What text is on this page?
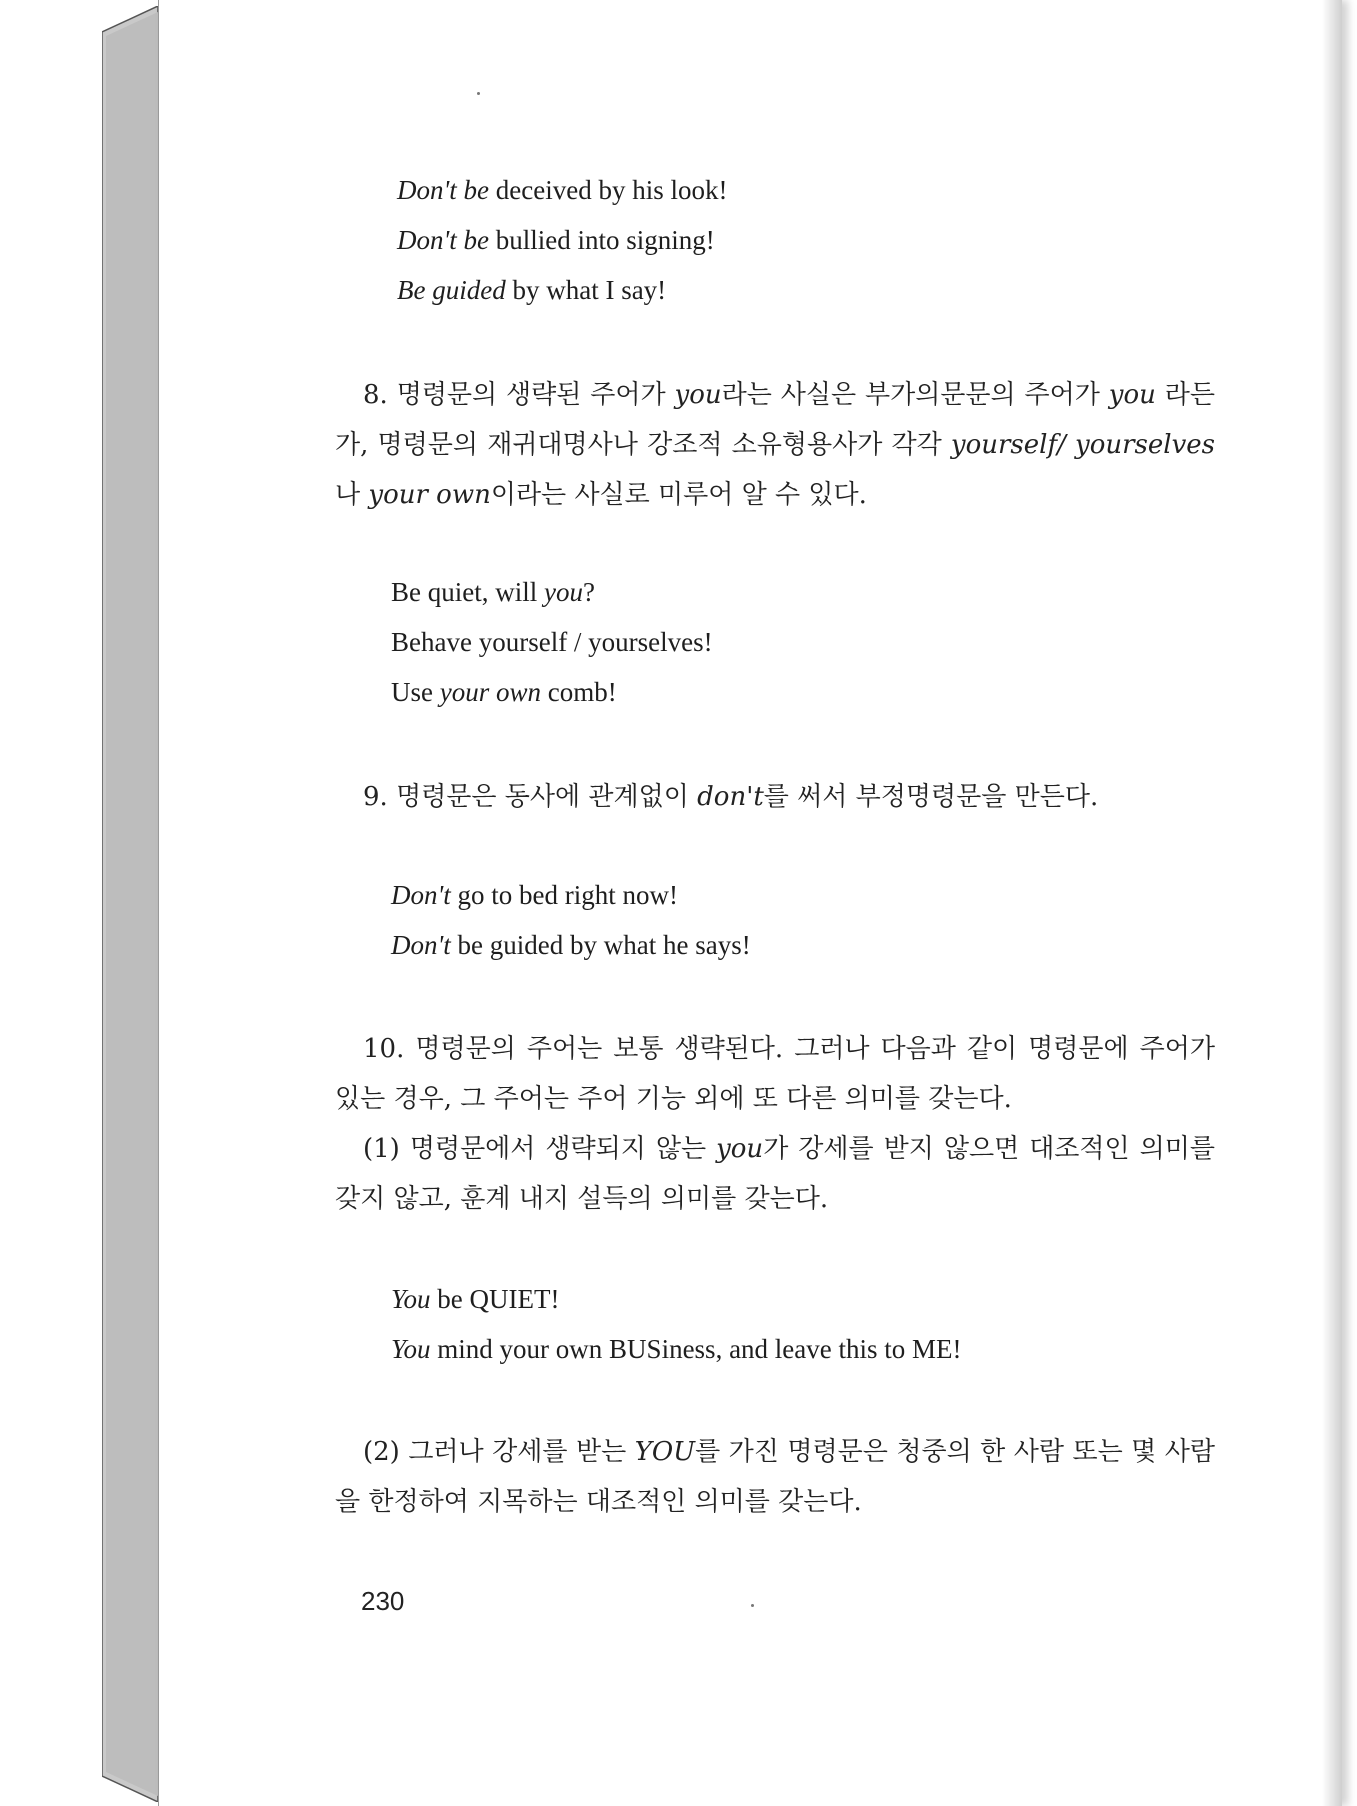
Don't be deceived by his look!
Don't be bullied into signing!
Be guided by what I say!
8. 명령문의 생략된 주어가 you라는 사실은 부가의문문의 주어가 you 라든가, 명령문의 재귀대명사나 강조적 소유형용사가 각각 yourself/ yourselves나 your own이라는 사실로 미루어 알 수 있다.
Be quiet, will you?
Behave yourself / yourselves!
Use your own comb!
9. 명령문은 동사에 관계없이 don't를 써서 부정명령문을 만든다.
Don't go to bed right now!
Don't be guided by what he says!
10. 명령문의 주어는 보통 생략된다. 그러나 다음과 같이 명령문에 주어가 있는 경우, 그 주어는 주어 기능 외에 또 다른 의미를 갖는다.
(1) 명령문에서 생략되지 않는 you가 강세를 받지 않으면 대조적인 의미를 갖지 않고, 훈계 내지 설득의 의미를 갖는다.
You be QUIET!
You mind your own BUSiness, and leave this to ME!
(2) 그러나 강세를 받는 YOU를 가진 명령문은 청중의 한 사람 또는 몇 사람을 한정하여 지목하는 대조적인 의미를 갖는다.
230
